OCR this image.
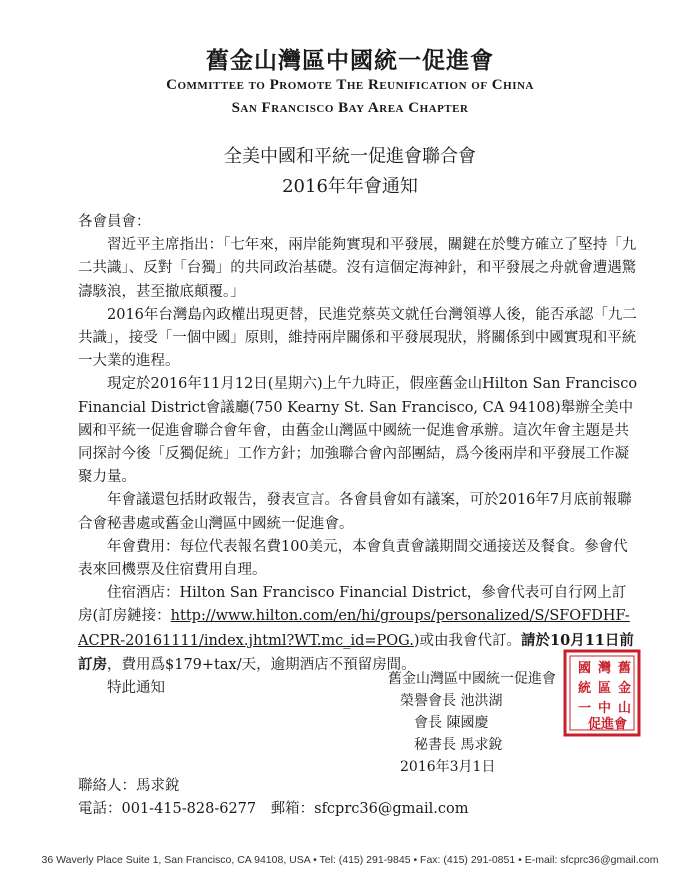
舊金山灣區中國統一促進會
Committee to Promote The Reunification of China
San Francisco Bay Area Chapter
全美中國和平統一促進會聯合會
2016年年會通知

各會員會：

習近平主席指出：「七年來，兩岸能夠實現和平發展，關鍵在於雙方確立了堅持「九二共識」、反對「台獨」的共同政治基礎。沒有這個定海神針，和平發展之舟就會遭遇驚濤駭浪，甚至撤底顛覆。」

2016年台灣島內政權出現更替，民進党蔡英文就任台灣領導人後，能否承認「九二共識」，接受「一個中國」原則，維持兩岸關係和平發展現狀，將關係到中國實現和平統一大業的進程。

現定於2016年11月12日(星期六)上午九時正，假座舊金山Hilton San Francisco Financial District會議廳(750 Kearny St. San Francisco, CA 94108)舉辦全美中國和平統一促進會聯合會年會，由舊金山灣區中國統一促進會承辦。這次年會主題是共同探討今後「反獨促統」工作方針；加強聯合會內部團結，爲今後兩岸和平發展工作凝聚力量。

年會議還包括財政報告，發表宣言。各會員會如有議案，可於2016年7月底前報聯合會秘書處或舊金山灣區中國統一促進會。

年會費用：每位代表報名費100美元，本會負責會議期間交通接送及餐食。參會代表來回機票及住宿費用自理。

住宿酒店：Hilton San Francisco Financial District，參會代表可自行网上訂房(訂房鏈接：http://www.hilton.com/en/hi/groups/personalized/S/SFOFDHF-ACPR-20161111/index.jhtml?WT.mc_id=POG.)或由我會代訂。請於10月11日前訂房，費用爲$179+tax/天，逾期酒店不預留房間。

特此通知

舊金山灣區中國統一促進會
榮譽會長 池洪湖
會長 陳國慶
秘書長 馬求銳
2016年3月1日
舊
金
山
灣
區
中
國
統
一
促進會
聯絡人：馬求銳
電話：001-415-828-6277　郵箱：sfcprc36@gmail.com
36 Waverly Place Suite 1, San Francisco, CA 94108, USA • Tel: (415) 291-9845 • Fax: (415) 291-0851 • E-mail: sfcprc36@gmail.com
